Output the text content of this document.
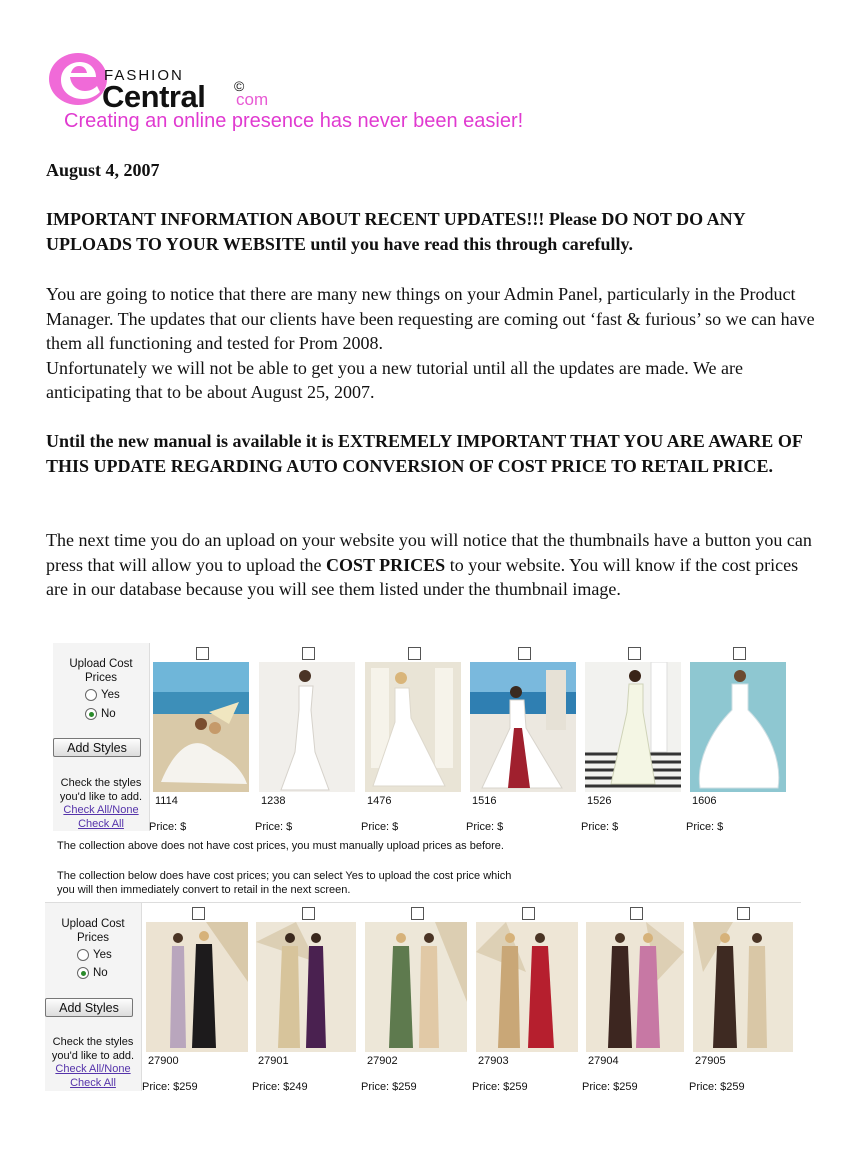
FASHION
Central ©
com
Creating an online presence has never been easier!
August 4, 2007
IMPORTANT INFORMATION ABOUT RECENT UPDATES!!! Please DO NOT DO ANY UPLOADS TO YOUR WEBSITE until you have read this through carefully.
You are going to notice that there are many new things on your Admin Panel, particularly in the Product Manager. The updates that our clients have been requesting are coming out ‘fast & furious’ so we can have them all functioning and tested for Prom 2008.
Unfortunately we will not be able to get you a new tutorial until all the updates are made. We are anticipating that to be about August 25, 2007.
Until the new manual is available it is EXTREMELY IMPORTANT THAT YOU ARE AWARE OF THIS UPDATE REGARDING AUTO CONVERSION OF COST PRICE TO RETAIL PRICE.
The next time you do an upload on your website you will notice that the thumbnails have a button you can press that will allow you to upload the COST PRICES to your website. You will know if the cost prices are in our database because you will see them listed under the thumbnail image.
Upload Cost Prices
Yes
No
Add Styles
Check the styles you'd like to add.
Check All/None
Check All
1114
Price: $
1238
Price: $
1476
Price: $
1516
Price: $
1526
Price: $
1606
Price: $
The collection above does not have cost prices, you must manually upload prices as before.
The collection below does have cost prices; you can select Yes to upload the cost price which
you will then immediately convert to retail in the next screen.
Upload Cost Prices
Yes
No
Add Styles
Check the styles you'd like to add.
Check All/None
Check All
27900
Price: $259
27901
Price: $249
27902
Price: $259
27903
Price: $259
27904
Price: $259
27905
Price: $259
